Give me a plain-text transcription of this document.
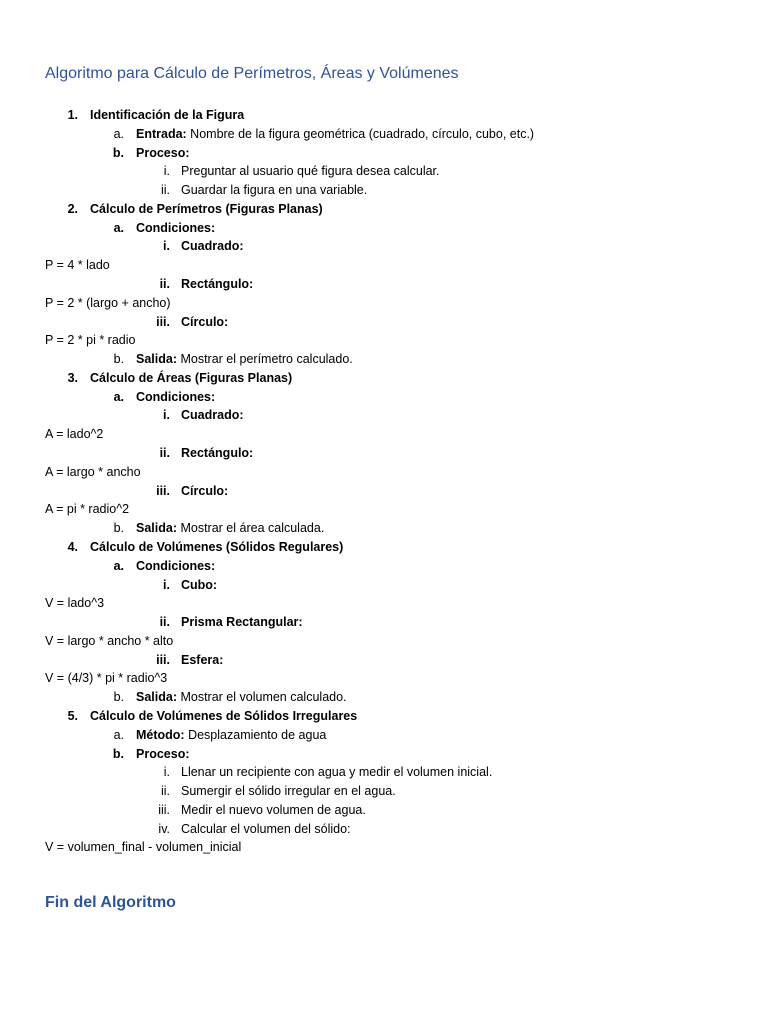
Algoritmo para Cálculo de Perímetros, Áreas y Volúmenes
1. Identificación de la Figura
a. Entrada: Nombre de la figura geométrica (cuadrado, círculo, cubo, etc.)
b. Proceso:
i. Preguntar al usuario qué figura desea calcular.
ii. Guardar la figura en una variable.
2. Cálculo de Perímetros (Figuras Planas)
a. Condiciones:
i. Cuadrado:
P = 4 * lado
ii. Rectángulo:
P = 2 * (largo + ancho)
iii. Círculo:
P = 2 * pi * radio
b. Salida: Mostrar el perímetro calculado.
3. Cálculo de Áreas (Figuras Planas)
a. Condiciones:
i. Cuadrado:
A = lado^2
ii. Rectángulo:
A = largo * ancho
iii. Círculo:
A = pi * radio^2
b. Salida: Mostrar el área calculada.
4. Cálculo de Volúmenes (Sólidos Regulares)
a. Condiciones:
i. Cubo:
V = lado^3
ii. Prisma Rectangular:
V = largo * ancho * alto
iii. Esfera:
V = (4/3) * pi * radio^3
b. Salida: Mostrar el volumen calculado.
5. Cálculo de Volúmenes de Sólidos Irregulares
a. Método: Desplazamiento de agua
b. Proceso:
i. Llenar un recipiente con agua y medir el volumen inicial.
ii. Sumergir el sólido irregular en el agua.
iii. Medir el nuevo volumen de agua.
iv. Calcular el volumen del sólido:
V = volumen_final - volumen_inicial
Fin del Algoritmo
